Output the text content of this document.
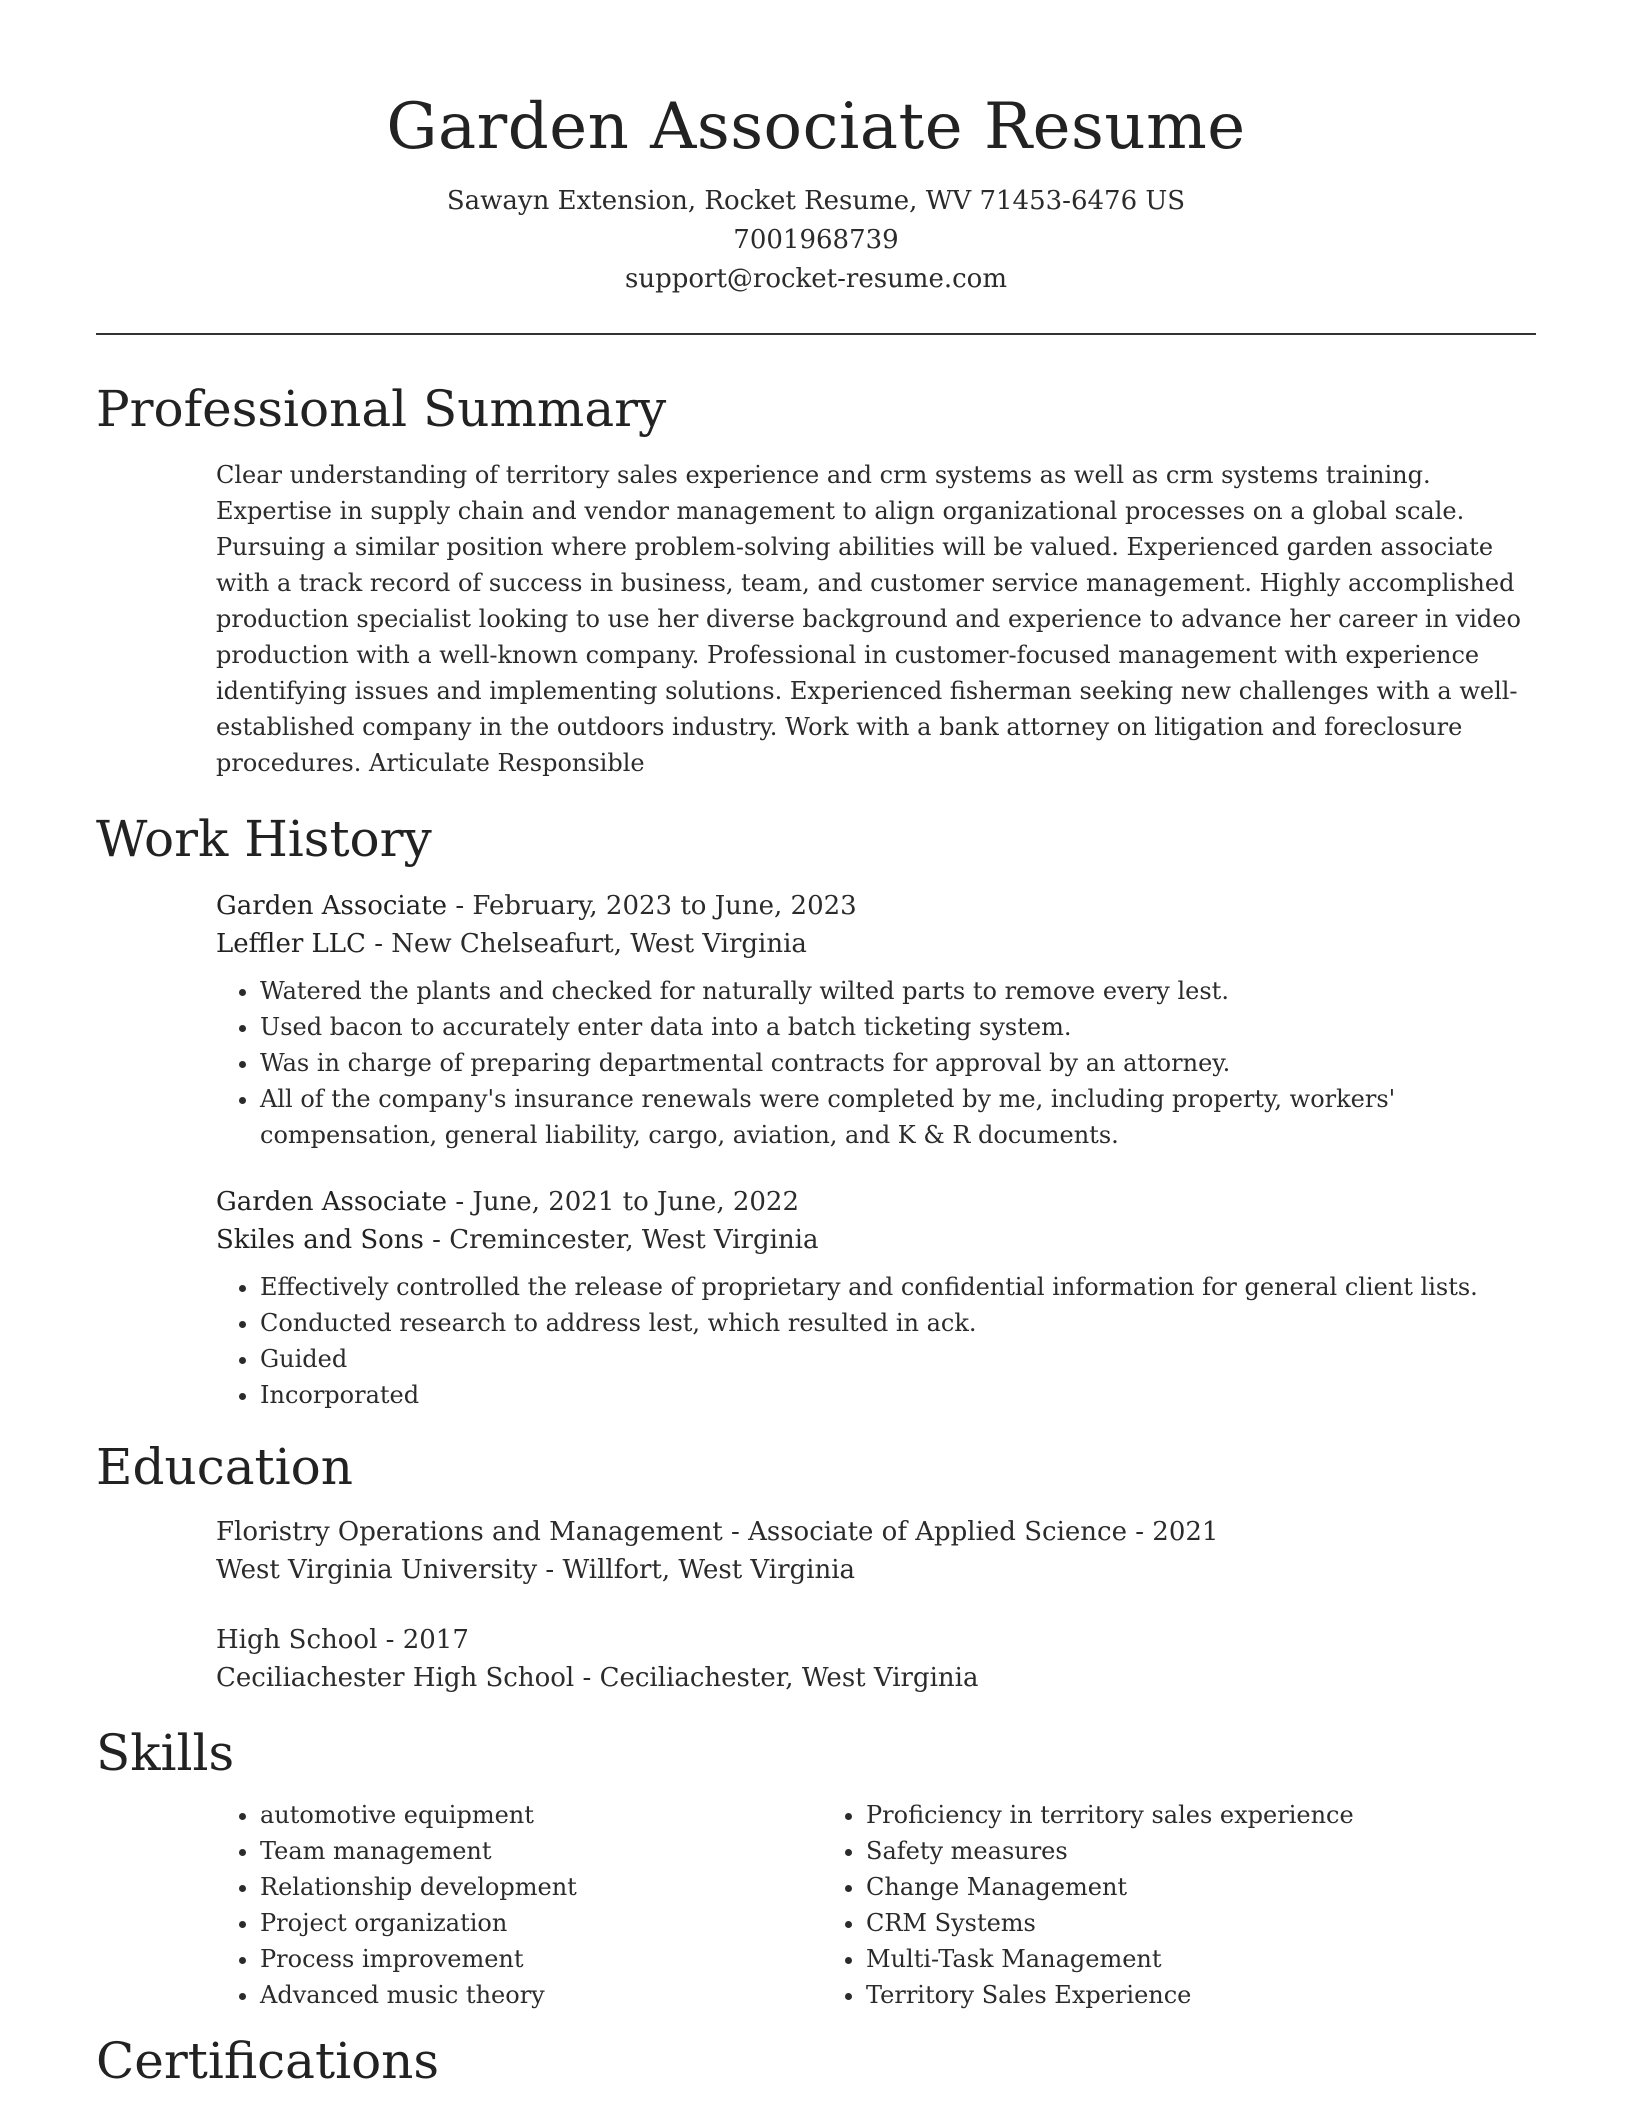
Garden Associate Resume
Sawayn Extension, Rocket Resume, WV 71453-6476 US
7001968739
support@rocket-resume.com
Professional Summary
Clear understanding of territory sales experience and crm systems as well as crm systems training. Expertise in supply chain and vendor management to align organizational processes on a global scale. Pursuing a similar position where problem-solving abilities will be valued. Experienced garden associate with a track record of success in business, team, and customer service management. Highly accomplished production specialist looking to use her diverse background and experience to advance her career in video production with a well-known company. Professional in customer-focused management with experience identifying issues and implementing solutions. Experienced fisherman seeking new challenges with a well-established company in the outdoors industry. Work with a bank attorney on litigation and foreclosure procedures. Articulate Responsible
Work History
Garden Associate - February, 2023 to June, 2023
Leffler LLC - New Chelseafurt, West Virginia
• Watered the plants and checked for naturally wilted parts to remove every lest.
• Used bacon to accurately enter data into a batch ticketing system.
• Was in charge of preparing departmental contracts for approval by an attorney.
• All of the company's insurance renewals were completed by me, including property, workers' compensation, general liability, cargo, aviation, and K & R documents.
Garden Associate - June, 2021 to June, 2022
Skiles and Sons - Cremincester, West Virginia
• Effectively controlled the release of proprietary and confidential information for general client lists.
• Conducted research to address lest, which resulted in ack.
• Guided
• Incorporated
Education
Floristry Operations and Management - Associate of Applied Science - 2021
West Virginia University - Willfort, West Virginia
High School - 2017
Ceciliachester High School - Ceciliachester, West Virginia
Skills
• automotive equipment
• Team management
• Relationship development
• Project organization
• Process improvement
• Advanced music theory
• Proficiency in territory sales experience
• Safety measures
• Change Management
• CRM Systems
• Multi-Task Management
• Territory Sales Experience
Certifications
